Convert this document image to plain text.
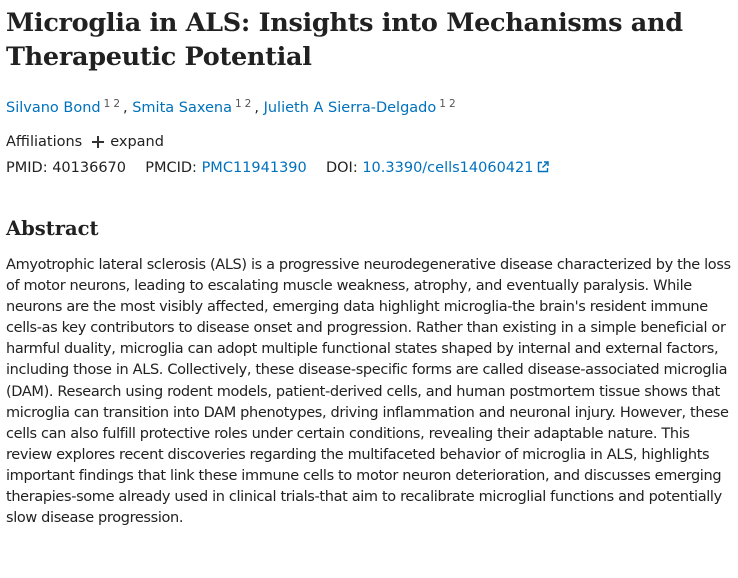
Microglia in ALS: Insights into Mechanisms and Therapeutic Potential
Silvano Bond $^{1 2}$ , Smita Saxena $^{1 2}$ , Julieth A Sierra-Delgado $^{1 2}$
Affiliations expand
PMID: 40136670 PMCID: PMC11941390 DOI: 10.3390/cells14060421
Abstract

Amyotrophic lateral sclerosis (ALS) is a progressive neurodegenerative disease characterized by the loss of motor neurons, leading to escalating muscle weakness, atrophy, and eventually paralysis. While neurons are the most visibly affected, emerging data highlight microglia-the brain's resident immune cells-as key contributors to disease onset and progression. Rather than existing in a simple beneficial or harmful duality, microglia can adopt multiple functional states shaped by internal and external factors, including those in ALS. Collectively, these disease-specific forms are called disease-associated microglia (DAM). Research using rodent models, patient-derived cells, and human postmortem tissue shows that microglia can transition into DAM phenotypes, driving inflammation and neuronal injury. However, these cells can also fulfill protective roles under certain conditions, revealing their adaptable nature. This review explores recent discoveries regarding the multifaceted behavior of microglia in ALS, highlights important findings that link these immune cells to motor neuron deterioration, and discusses emerging therapies-some already used in clinical trials-that aim to recalibrate microglial functions and potentially slow disease progression.
